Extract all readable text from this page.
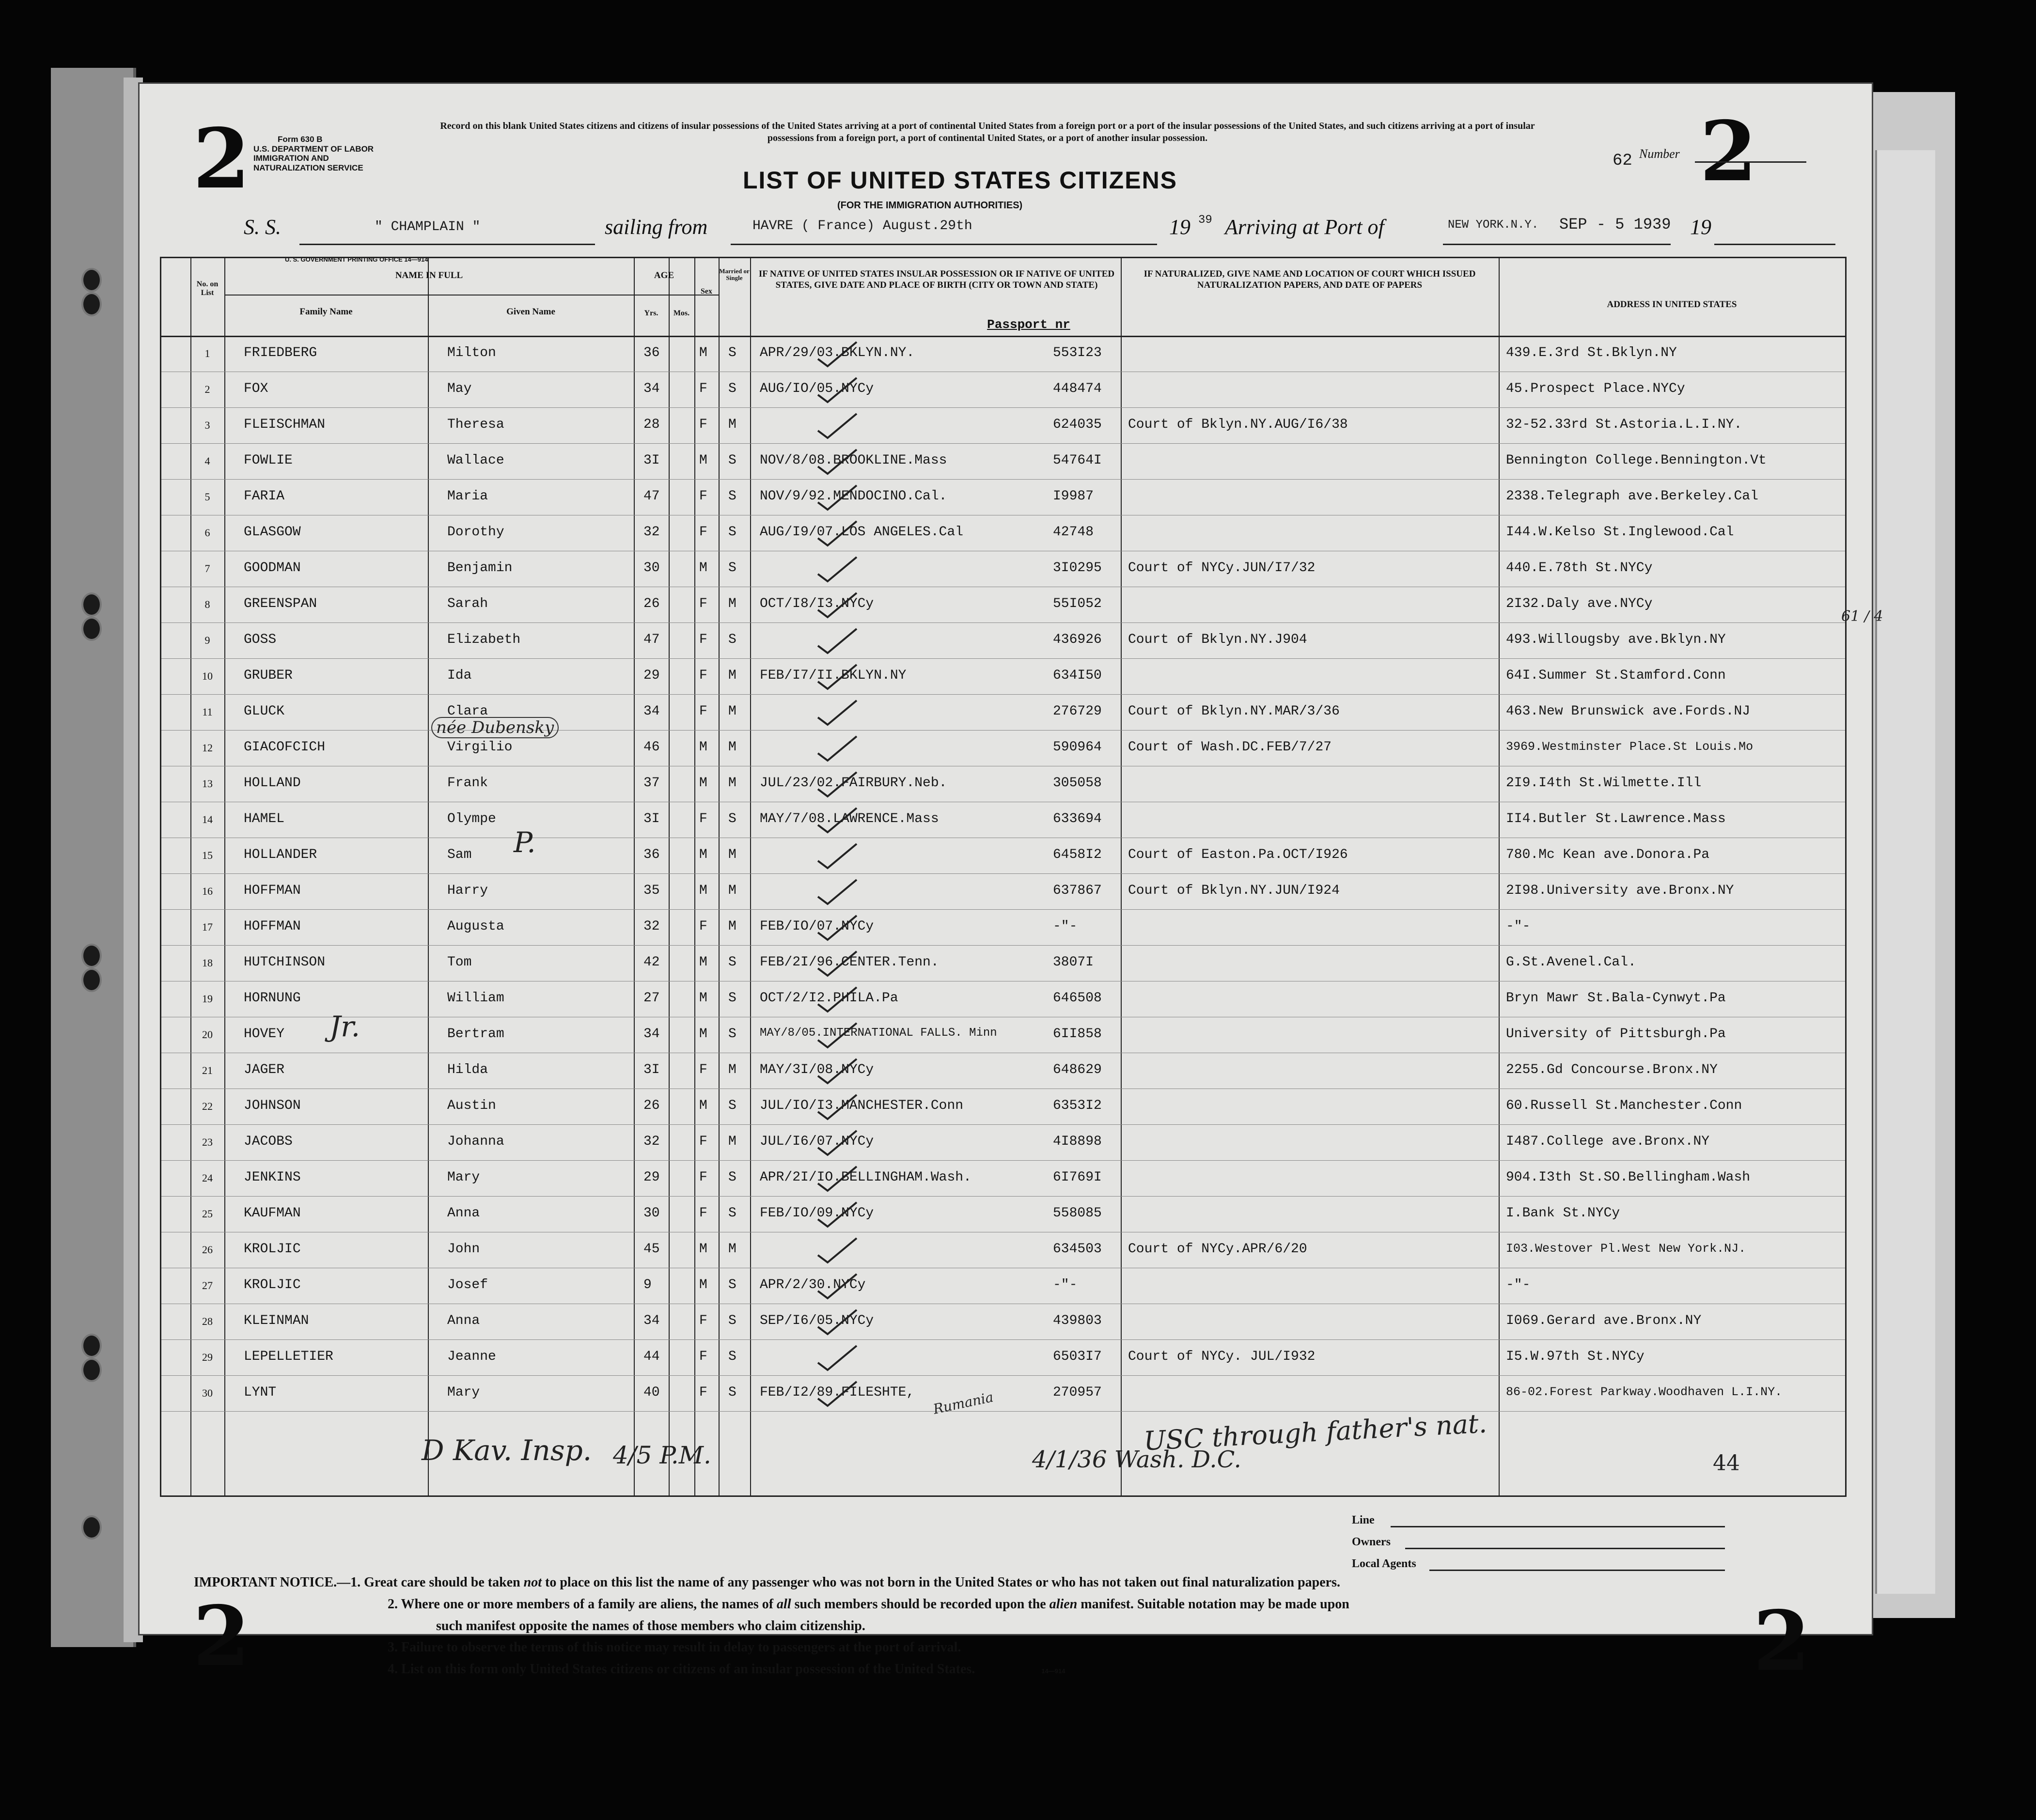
2	2
2	2
Form 630 B
U.S. DEPARTMENT OF LABOR
IMMIGRATION AND NATURALIZATION SERVICE
Record on this blank United States citizens and citizens of insular possessions of the United States arriving at a port of continental United States from a foreign port or a port of the insular possessions of the United States, and such citizens arriving at a port of insular possessions from a foreign port, a port of continental United States, or a port of another insular possession.
LIST OF UNITED STATES CITIZENS
(FOR THE IMMIGRATION AUTHORITIES)
62 Number
S. S.	" CHAMPLAIN "	sailing from	HAVRE ( France) August.29th	19 39 Arriving at Port of	NEW YORK.N.Y. SEP - 5 1939 19
U. S. GOVERNMENT PRINTING OFFICE 14—914
No. on List
NAME IN FULL
Family Name	Given Name
AGE
Yrs.	Mos.
Sex
Married or Single	IF NATIVE OF UNITED STATES INSULAR POSSESSION OR IF NATIVE OF UNITED STATES, GIVE DATE AND PLACE OF BIRTH (CITY OR TOWN AND STATE)
Passport nr
IF NATURALIZED, GIVE NAME AND LOCATION OF COURT WHICH ISSUED NATURALIZATION PAPERS, AND DATE OF PAPERS
ADDRESS IN UNITED STATES
1	FRIEDBERG	Milton	36	M S APR/29/03.BKLYN.NY.	553I23	439.E.3rd St.Bklyn.NY
2	FOX	May	34	F S AUG/IO/05.NYCy	448474	45.Prospect Place.NYCy
3	FLEISCHMAN	Theresa	28	F M	624035 Court of Bklyn.NY.AUG/I6/38	32-52.33rd St.Astoria.L.I.NY.
4	FOWLIE	Wallace	3I	M S NOV/8/08.BROOKLINE.Mass	54764I	Bennington College.Bennington.Vt
5	FARIA	Maria	47	F S NOV/9/92.MENDOCINO.Cal.	I9987	2338.Telegraph ave.Berkeley.Cal
6	GLASGOW	Dorothy	32	F S AUG/I9/07.LOS ANGELES.Cal	42748	I44.W.Kelso St.Inglewood.Cal
7	GOODMAN	Benjamin	30	M S	3I0295 Court of NYCy.JUN/I7/32	440.E.78th St.NYCy
8	GREENSPAN	Sarah	26	F M OCT/I8/I3.NYCy	55I052	2I32.Daly ave.NYCy
9	GOSS	Elizabeth	47	F S	436926 Court of Bklyn.NY.J904	493.Willougsby ave.Bklyn.NY
10	GRUBER	Ida	29	F M FEB/I7/II.BKLYN.NY	634I50	64I.Summer St.Stamford.Conn
11	GLUCK	Clara	34	F M	276729 Court of Bklyn.NY.MAR/3/36	463.New Brunswick ave.Fords.NJ
12	GIACOFCICH	Virgilio	46	M M	590964 Court of Wash.DC.FEB/7/27	3969.Westminster Place.St Louis.Mo
13	HOLLAND	Frank	37	M M JUL/23/02.FAIRBURY.Neb.	305058	2I9.I4th St.Wilmette.Ill
14	HAMEL	Olympe	3I	F S MAY/7/08.LAWRENCE.Mass	633694	II4.Butler St.Lawrence.Mass
15	HOLLANDER	Sam	36	M M	6458I2 Court of Easton.Pa.OCT/I926	780.Mc Kean ave.Donora.Pa
16	HOFFMAN	Harry	35	M M	637867 Court of Bklyn.NY.JUN/I924	2I98.University ave.Bronx.NY
17	HOFFMAN	Augusta	32	F M FEB/IO/07.NYCy	-"-	-"-
18	HUTCHINSON	Tom	42	M S FEB/2I/96.CENTER.Tenn.	3807I	G.St.Avenel.Cal.
19	HORNUNG	William	27	M S OCT/2/I2.PHILA.Pa	646508	Bryn Mawr St.Bala-Cynwyt.Pa
20	HOVEY	Bertram	34	M S MAY/8/05.INTERNATIONAL FALLS. Minn	6II858	University of Pittsburgh.Pa
21	JAGER	Hilda	3I	F M MAY/3I/08.NYCy	648629	2255.Gd Concourse.Bronx.NY
22	JOHNSON	Austin	26	M S JUL/IO/I3.MANCHESTER.Conn	6353I2	60.Russell St.Manchester.Conn
23	JACOBS	Johanna	32	F M JUL/I6/07.NYCy	4I8898	I487.College ave.Bronx.NY
24	JENKINS	Mary	29	F S APR/2I/IO.BELLINGHAM.Wash.	6I769I	904.I3th St.SO.Bellingham.Wash
25	KAUFMAN	Anna	30	F S FEB/IO/09.NYCy	558085	I.Bank St.NYCy
26	KROLJIC	John	45	M M	634503 Court of NYCy.APR/6/20	I03.Westover Pl.West New York.NJ.
27	KROLJIC	Josef	9	M S APR/2/30.NYCy	-"-	-"-
28	KLEINMAN	Anna	34	F S SEP/I6/05.NYCy	439803	I069.Gerard ave.Bronx.NY
29	LEPELLETIER	Jeanne	44	F S	6503I7 Court of NYCy. JUL/I932	I5.W.97th St.NYCy
30	LYNT	Mary	40	F S FEB/I2/89.FILESHTE,	270957	86-02.Forest Parkway.Woodhaven L.I.NY.
née Dubensky
Jr.
P.
Rumania
USC through father's nat.
4/1/36 Wash. D.C.
D Kav. Insp. 4/5 P.M.	44
61 / 4
Line
Owners
Local Agents
IMPORTANT NOTICE.—1. Great care should be taken not to place on this list the name of any passenger who was not born in the United States or who has not taken out final naturalization papers.
2. Where one or more members of a family are aliens, the names of all such members should be recorded upon the alien manifest. Suitable notation may be made upon
such manifest opposite the names of those members who claim citizenship.
3. Failure to observe the terms of this notice may result in delay to passengers at the port of arrival.
4. List on this form only United States citizens or citizens of an insular possession of the United States.	14—914
